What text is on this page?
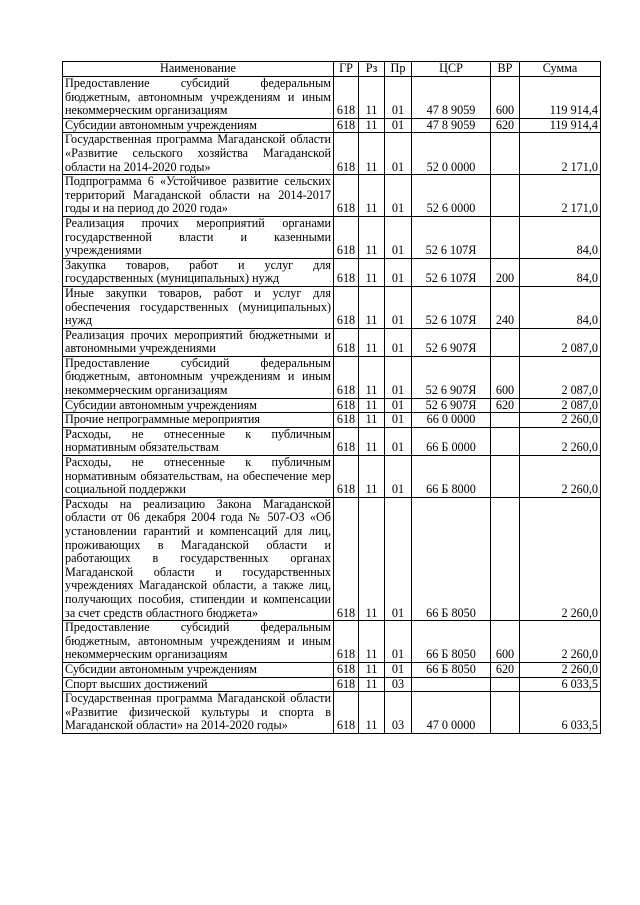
Наименование	ГР	Рз	Пр	ЦСР	ВР	Сумма
Предоставление субсидий федеральным бюджетным, автономным учреждениям и иным некоммерческим организациям	618	11	01	47 8 9059	600	119 914,4
Субсидии автономным учреждениям	618	11	01	47 8 9059	620	119 914,4
Государственная программа Магаданской области «Развитие сельского хозяйства Магаданской области на 2014-2020 годы»	618	11	01	52 0 0000		2 171,0
Подпрограмма 6 «Устойчивое развитие сельских территорий Магаданской области на 2014-2017 годы и на период до 2020 года»	618	11	01	52 6 0000		2 171,0
Реализация прочих мероприятий органами государственной власти и казенными учреждениями	618	11	01	52 6 107Я		84,0
Закупка товаров, работ и услуг для государственных (муниципальных) нужд	618	11	01	52 6 107Я	200	84,0
Иные закупки товаров, работ и услуг для обеспечения государственных (муниципальных) нужд	618	11	01	52 6 107Я	240	84,0
Реализация прочих мероприятий бюджетными и автономными учреждениями	618	11	01	52 6 907Я		2 087,0
Предоставление субсидий федеральным бюджетным, автономным учреждениям и иным некоммерческим организациям	618	11	01	52 6 907Я	600	2 087,0
Субсидии автономным учреждениям	618	11	01	52 6 907Я	620	2 087,0
Прочие непрограммные мероприятия	618	11	01	66 0 0000		2 260,0
Расходы, не отнесенные к публичным нормативным обязательствам	618	11	01	66 Б 0000		2 260,0
Расходы, не отнесенные к публичным нормативным обязательствам, на обеспечение мер социальной поддержки	618	11	01	66 Б 8000		2 260,0
Расходы на реализацию Закона Магаданской области от 06 декабря 2004 года № 507-ОЗ «Об установлении гарантий и компенсаций для лиц, проживающих в Магаданской области и работающих в государственных органах Магаданской области и государственных учреждениях Магаданской области, а также лиц, получающих пособия, стипендии и компенсации за счет средств областного бюджета»	618	11	01	66 Б 8050		2 260,0
Предоставление субсидий федеральным бюджетным, автономным учреждениям и иным некоммерческим организациям	618	11	01	66 Б 8050	600	2 260,0
Субсидии автономным учреждениям	618	11	01	66 Б 8050	620	2 260,0
Спорт высших достижений	618	11	03			6 033,5
Государственная программа Магаданской области «Развитие физической культуры и спорта в Магаданской области» на 2014-2020 годы»	618	11	03	47 0 0000		6 033,5
